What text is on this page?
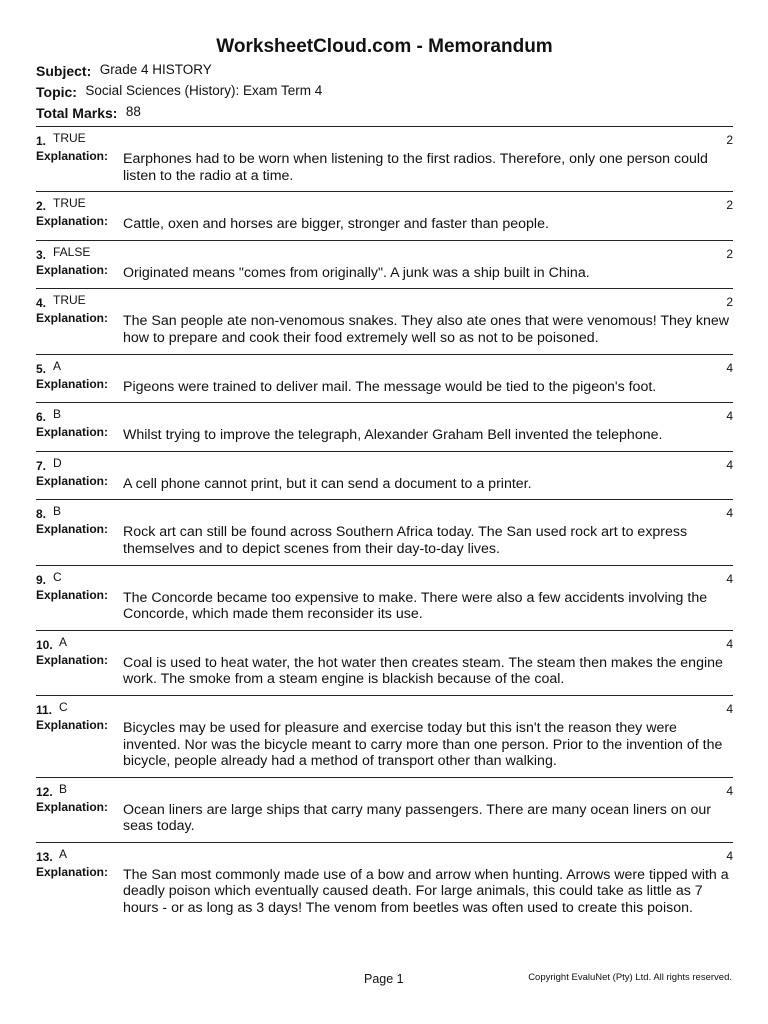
WorksheetCloud.com - Memorandum
Subject: Grade 4 HISTORY
Topic: Social Sciences (History): Exam Term 4
Total Marks: 88
1. TRUE	2
Explanation: Earphones had to be worn when listening to the first radios. Therefore, only one person could listen to the radio at a time.
2. TRUE	2
Explanation: Cattle, oxen and horses are bigger, stronger and faster than people.
3. FALSE	2
Explanation: Originated means "comes from originally". A junk was a ship built in China.
4. TRUE	2
Explanation: The San people ate non-venomous snakes. They also ate ones that were venomous! They knew how to prepare and cook their food extremely well so as not to be poisoned.
5. A	4
Explanation: Pigeons were trained to deliver mail. The message would be tied to the pigeon's foot.
6. B	4
Explanation: Whilst trying to improve the telegraph, Alexander Graham Bell invented the telephone.
7. D	4
Explanation: A cell phone cannot print, but it can send a document to a printer.
8. B	4
Explanation: Rock art can still be found across Southern Africa today. The San used rock art to express themselves and to depict scenes from their day-to-day lives.
9. C	4
Explanation: The Concorde became too expensive to make. There were also a few accidents involving the Concorde, which made them reconsider its use.
10. A	4
Explanation: Coal is used to heat water, the hot water then creates steam. The steam then makes the engine work. The smoke from a steam engine is blackish because of the coal.
11. C	4
Explanation: Bicycles may be used for pleasure and exercise today but this isn't the reason they were invented. Nor was the bicycle meant to carry more than one person. Prior to the invention of the bicycle, people already had a method of transport other than walking.
12. B	4
Explanation: Ocean liners are large ships that carry many passengers. There are many ocean liners on our seas today.
13. A	4
Explanation: The San most commonly made use of a bow and arrow when hunting. Arrows were tipped with a deadly poison which eventually caused death. For large animals, this could take as little as 7 hours - or as long as 3 days! The venom from beetles was often used to create this poison.
Page 1	Copyright EvaluNet (Pty) Ltd. All rights reserved.
